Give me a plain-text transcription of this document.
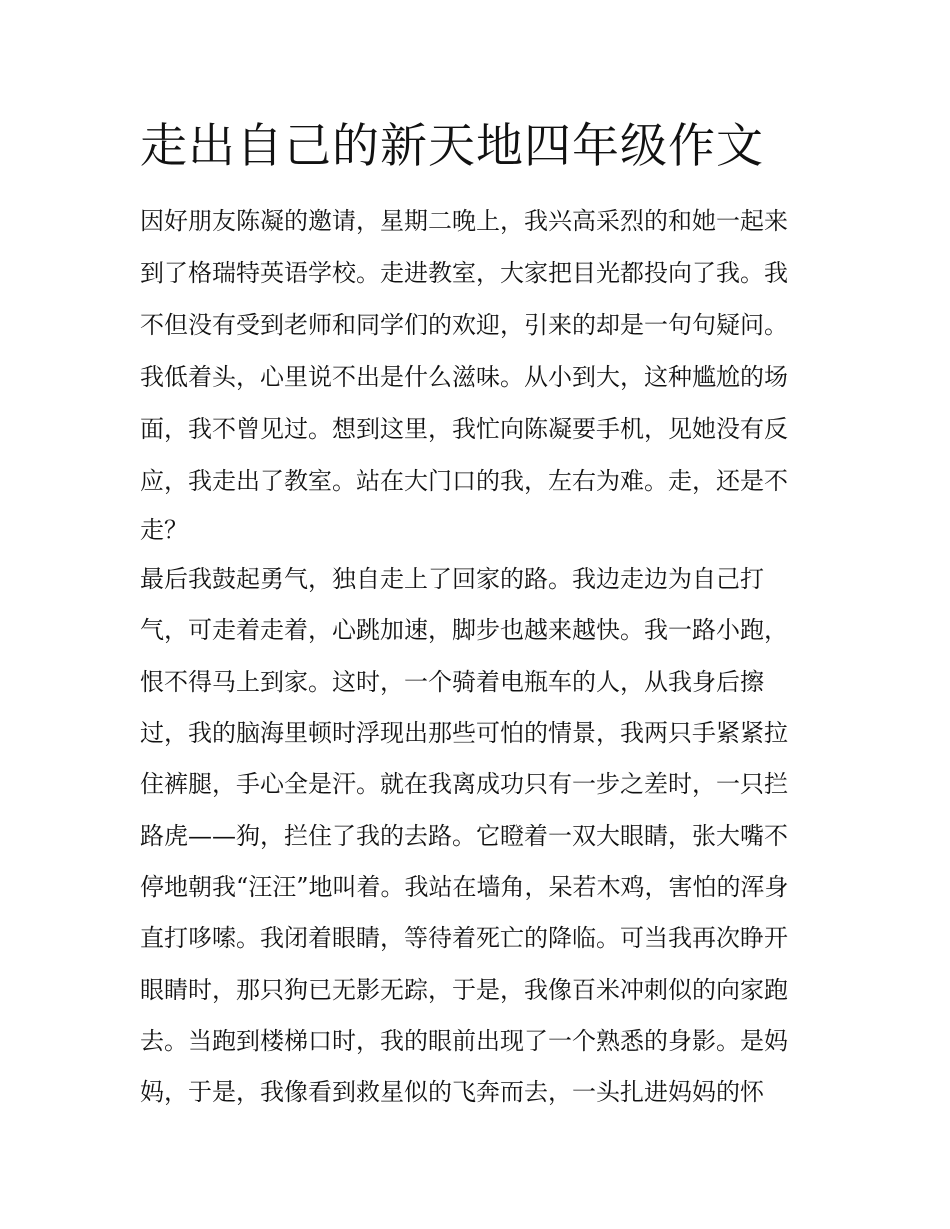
走出自己的新天地四年级作文

因好朋友陈凝的邀请，星期二晚上，我兴高采烈的和她一起来

到了格瑞特英语学校。走进教室，大家把目光都投向了我。我

不但没有受到老师和同学们的欢迎，引来的却是一句句疑问。

我低着头，心里说不出是什么滋味。从小到大，这种尴尬的场

面，我不曾见过。想到这里，我忙向陈凝要手机，见她没有反

应，我走出了教室。站在大门口的我，左右为难。走，还是不

走？

最后我鼓起勇气，独自走上了回家的路。我边走边为自己打

气，可走着走着，心跳加速，脚步也越来越快。我一路小跑，

恨不得马上到家。这时，一个骑着电瓶车的人，从我身后擦

过，我的脑海里顿时浮现出那些可怕的情景，我两只手紧紧拉

住裤腿，手心全是汗。就在我离成功只有一步之差时，一只拦

路虎——狗，拦住了我的去路。它瞪着一双大眼睛，张大嘴不

停地朝我“汪汪”地叫着。我站在墙角，呆若木鸡，害怕的浑身

直打哆嗦。我闭着眼睛，等待着死亡的降临。可当我再次睁开

眼睛时，那只狗已无影无踪，于是，我像百米冲刺似的向家跑

去。当跑到楼梯口时，我的眼前出现了一个熟悉的身影。是妈

妈，于是，我像看到救星似的飞奔而去，一头扎进妈妈的怀
